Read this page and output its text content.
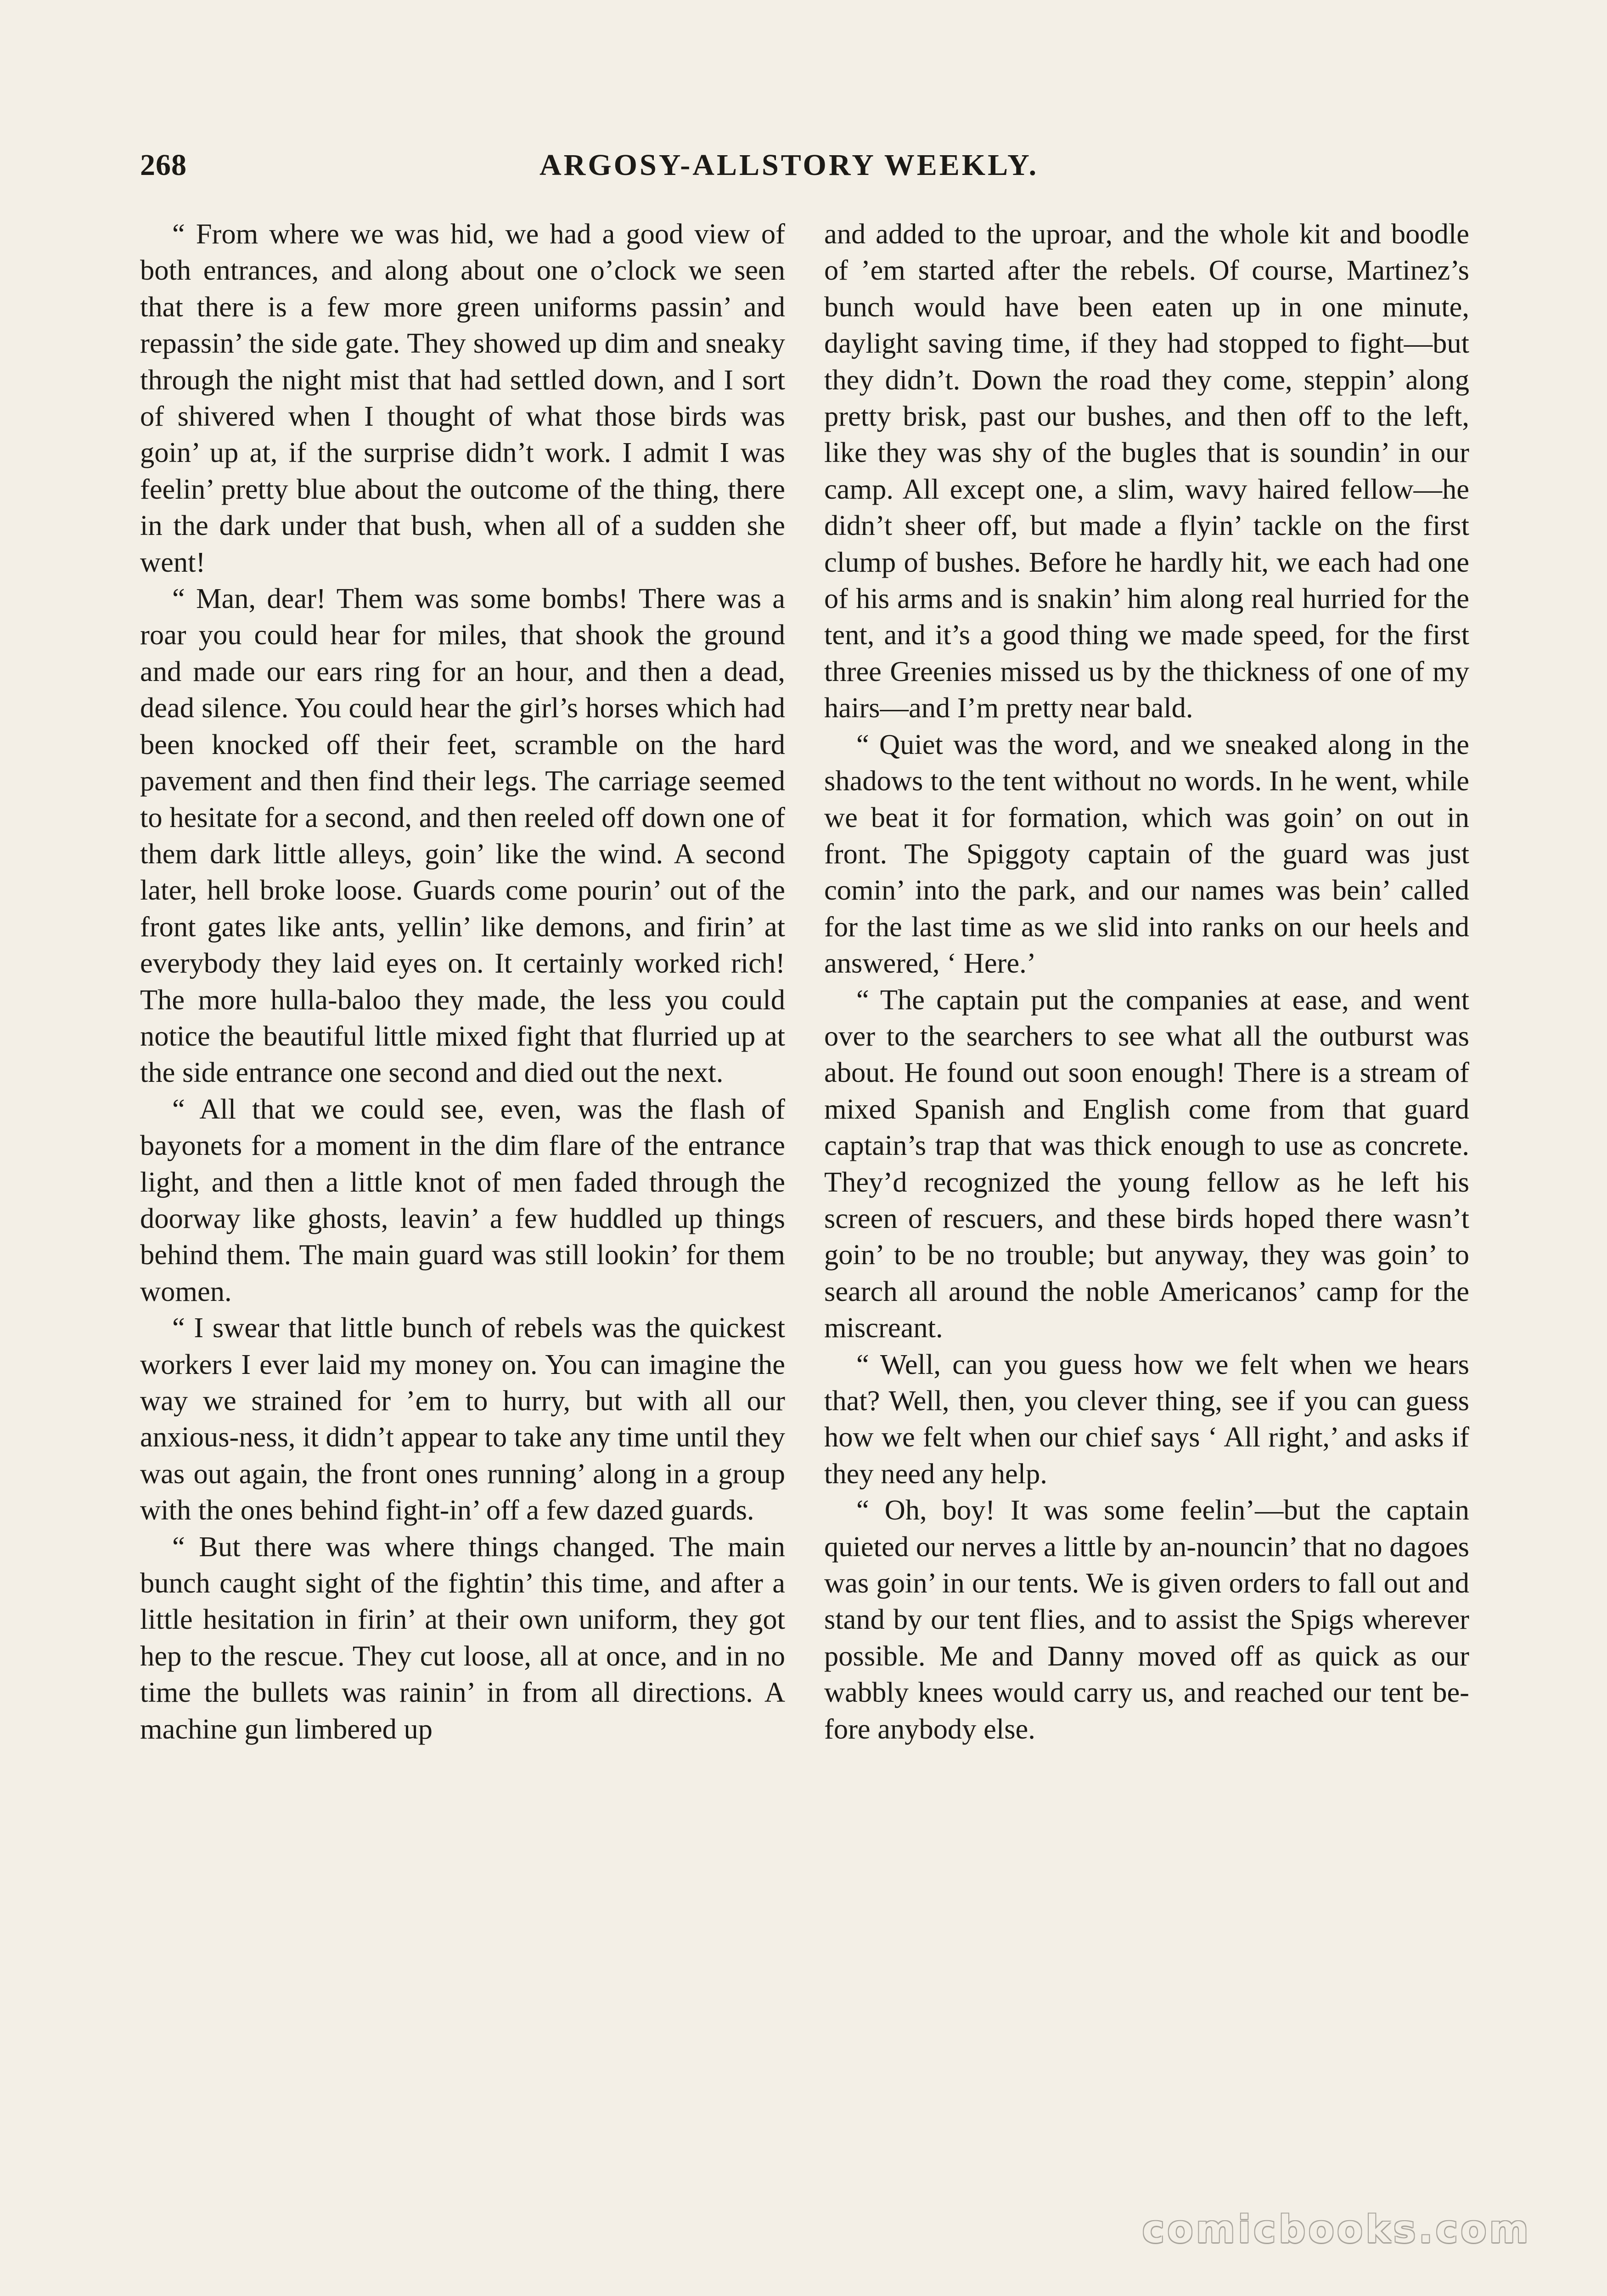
268	ARGOSY-ALLSTORY WEEKLY.

“ From where we was hid, we had a good view of both entrances, and along about one o’clock we seen that there is a few more green uniforms passin’ and repassin’ the side gate. They showed up dim and sneaky through the night mist that had settled down, and I sort of shivered when I thought of what those birds was goin’ up at, if the surprise didn’t work. I admit I was feelin’ pretty blue about the outcome of the thing, there in the dark under that bush, when all of a sudden she went!

“ Man, dear! Them was some bombs! There was a roar you could hear for miles, that shook the ground and made our ears ring for an hour, and then a dead, dead silence. You could hear the girl’s horses which had been knocked off their feet, scramble on the hard pavement and then find their legs. The carriage seemed to hesitate for a second, and then reeled off down one of them dark little alleys, goin’ like the wind. A second later, hell broke loose. Guards come pourin’ out of the front gates like ants, yellin’ like demons, and firin’ at everybody they laid eyes on. It certainly worked rich! The more hulla-baloo they made, the less you could notice the beautiful little mixed fight that flurried up at the side entrance one second and died out the next.

“ All that we could see, even, was the flash of bayonets for a moment in the dim flare of the entrance light, and then a little knot of men faded through the doorway like ghosts, leavin’ a few huddled up things behind them. The main guard was still lookin’ for them women.

“ I swear that little bunch of rebels was the quickest workers I ever laid my money on. You can imagine the way we strained for ’em to hurry, but with all our anxious-ness, it didn’t appear to take any time until they was out again, the front ones running’ along in a group with the ones behind fight-in’ off a few dazed guards.

“ But there was where things changed. The main bunch caught sight of the fightin’ this time, and after a little hesitation in firin’ at their own uniform, they got hep to the rescue. They cut loose, all at once, and in no time the bullets was rainin’ in from all directions. A machine gun limbered up

and added to the uproar, and the whole kit and boodle of ’em started after the rebels. Of course, Martinez’s bunch would have been eaten up in one minute, daylight saving time, if they had stopped to fight—but they didn’t. Down the road they come, steppin’ along pretty brisk, past our bushes, and then off to the left, like they was shy of the bugles that is soundin’ in our camp. All except one, a slim, wavy haired fellow—he didn’t sheer off, but made a flyin’ tackle on the first clump of bushes. Before he hardly hit, we each had one of his arms and is snakin’ him along real hurried for the tent, and it’s a good thing we made speed, for the first three Greenies missed us by the thickness of one of my hairs—and I’m pretty near bald.

“ Quiet was the word, and we sneaked along in the shadows to the tent without no words. In he went, while we beat it for formation, which was goin’ on out in front. The Spiggoty captain of the guard was just comin’ into the park, and our names was bein’ called for the last time as we slid into ranks on our heels and answered, ‘ Here.’

“ The captain put the companies at ease, and went over to the searchers to see what all the outburst was about. He found out soon enough! There is a stream of mixed Spanish and English come from that guard captain’s trap that was thick enough to use as concrete. They’d recognized the young fellow as he left his screen of rescuers, and these birds hoped there wasn’t goin’ to be no trouble; but anyway, they was goin’ to search all around the noble Americanos’ camp for the miscreant.

“ Well, can you guess how we felt when we hears that? Well, then, you clever thing, see if you can guess how we felt when our chief says ‘ All right,’ and asks if they need any help.

“ Oh, boy! It was some feelin’—but the captain quieted our nerves a little by an-nouncin’ that no dagoes was goin’ in our tents. We is given orders to fall out and stand by our tent flies, and to assist the Spigs wherever possible. Me and Danny moved off as quick as our wabbly knees would carry us, and reached our tent be-fore anybody else.

comicbooks.com
